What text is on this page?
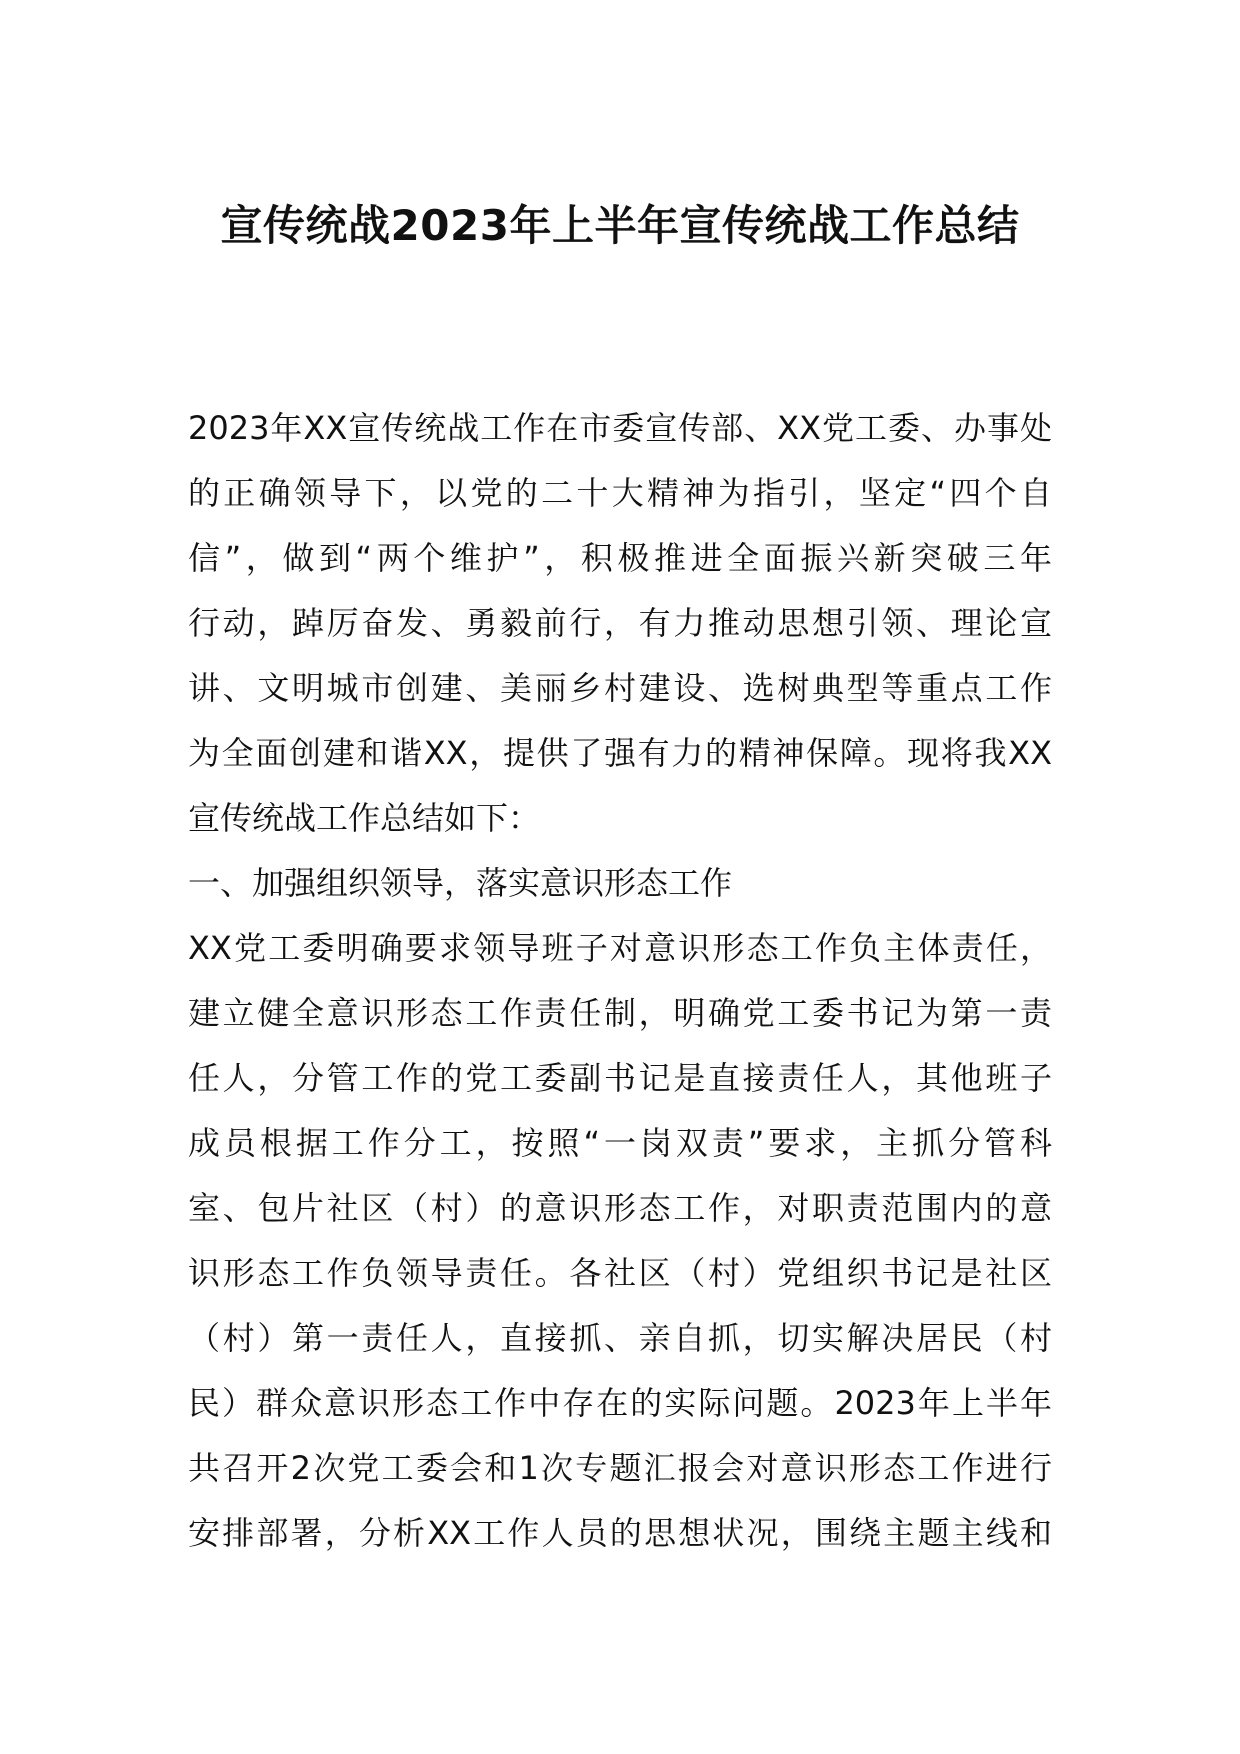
宣传统战2023年上半年宣传统战工作总结
2023年XX宣传统战工作在市委宣传部、XX党工委、办事处
的正确领导下，以党的二十大精神为指引，坚定“四个自
信”，做到“两个维护”，积极推进全面振兴新突破三年
行动，踔厉奋发、勇毅前行，有力推动思想引领、理论宣
讲、文明城市创建、美丽乡村建设、选树典型等重点工作
为全面创建和谐XX，提供了强有力的精神保障。现将我XX
宣传统战工作总结如下：
一、加强组织领导，落实意识形态工作
XX党工委明确要求领导班子对意识形态工作负主体责任，
建立健全意识形态工作责任制，明确党工委书记为第一责
任人，分管工作的党工委副书记是直接责任人，其他班子
成员根据工作分工，按照“一岗双责”要求，主抓分管科
室、包片社区（村）的意识形态工作，对职责范围内的意
识形态工作负领导责任。各社区（村）党组织书记是社区
（村）第一责任人，直接抓、亲自抓，切实解决居民（村
民）群众意识形态工作中存在的实际问题。2023年上半年
共召开2次党工委会和1次专题汇报会对意识形态工作进行
安排部署，分析XX工作人员的思想状况，围绕主题主线和
